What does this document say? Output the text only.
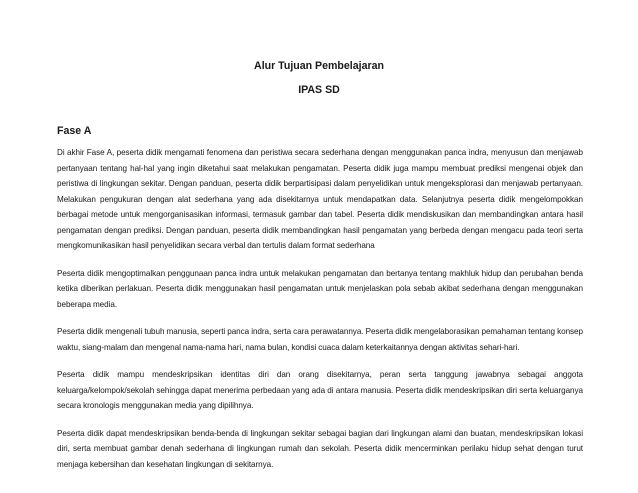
Alur Tujuan Pembelajaran
IPAS SD
Fase A

Di akhir Fase A, peserta didik mengamati fenomena dan peristiwa secara sederhana dengan menggunakan panca indra, menyusun dan menjawab pertanyaan tentang hal-hal yang ingin diketahui saat melakukan pengamatan. Peserta didik juga mampu membuat prediksi mengenai objek dan peristiwa di lingkungan sekitar. Dengan panduan, peserta didik berpartisipasi dalam penyelidikan untuk mengeksplorasi dan menjawab pertanyaan. Melakukan pengukuran dengan alat sederhana yang ada disekitarnya untuk mendapatkan data. Selanjutnya peserta didik mengelompokkan berbagai metode untuk mengorganisasikan informasi, termasuk gambar dan tabel. Peserta didik mendiskusikan dan membandingkan antara hasil pengamatan dengan prediksi. Dengan panduan, peserta didik membandingkan hasil pengamatan yang berbeda dengan mengacu pada teori serta mengkomunikasikan hasil penyelidikan secara verbal dan tertulis dalam format sederhana

Peserta didik mengoptimalkan penggunaan panca indra untuk melakukan pengamatan dan bertanya tentang makhluk hidup dan perubahan benda ketika diberikan perlakuan. Peserta didik menggunakan hasil pengamatan untuk menjelaskan pola sebab akibat sederhana dengan menggunakan beberapa media.

Peserta didik mengenali tubuh manusia, seperti panca indra, serta cara perawatannya. Peserta didik mengelaborasikan pemahaman tentang konsep waktu, siang-malam dan mengenal nama-nama hari, nama bulan, kondisi cuaca dalam keterkaitannya dengan aktivitas sehari-hari.

Peserta didik mampu mendeskripsikan identitas diri dan orang disekitarnya, peran serta tanggung jawabnya sebagai anggota keluarga/kelompok/sekolah sehingga dapat menerima perbedaan yang ada di antara manusia. Peserta didik mendeskripsikan diri serta keluarganya secara kronologis menggunakan media yang dipilihnya.

Peserta didik dapat mendeskripsikan benda-benda di lingkungan sekitar sebagai bagian dari lingkungan alami dan buatan, mendeskripsikan lokasi diri, serta membuat gambar denah sederhana di lingkungan rumah dan sekolah. Peserta didik mencerminkan perilaku hidup sehat dengan turut menjaga kebersihan dan kesehatan lingkungan di sekitarnya.
